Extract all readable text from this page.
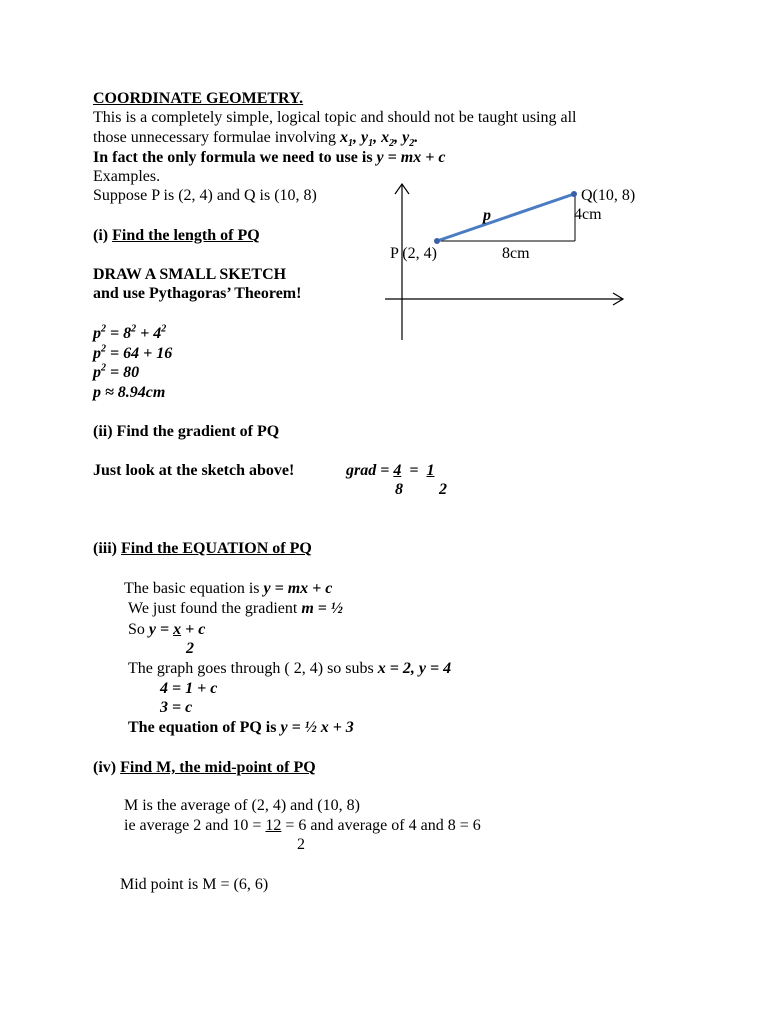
COORDINATE GEOMETRY.
This is a completely simple, logical topic and should not be taught using all
those unnecessary formulae involving $x_1$, $y_1$, $x_2$, $y_2$.
In fact the only formula we need to use is y = mx + c
Examples.
Suppose P is (2, 4) and Q is (10, 8)	Q(10, 8)
4cm
p
P (2, 4)	8cm
(i) Find the length of PQ
DRAW A SMALL SKETCH
and use Pythagoras’ Theorem!
$p^2 = 8^2 + 4^2$
$p^2 = 64 + 16$
$p^2 = 80$
p ≈ 8.94cm
(ii) Find the gradient of PQ
Just look at the sketch above!	grad = 4 = 1
8 2
(iii) Find the EQUATION of PQ
The basic equation is y = mx + c
We just found the gradient m = ½
So y = x + c
2
The graph goes through ( 2, 4) so subs x = 2, y = 4
4 = 1 + c
3 = c
The equation of PQ is y = ½ x + 3
(iv) Find M, the mid-point of PQ
M is the average of (2, 4) and (10, 8)
ie average 2 and 10 = 12 = 6 and average of 4 and 8 = 6
2
Mid point is M = (6, 6)
